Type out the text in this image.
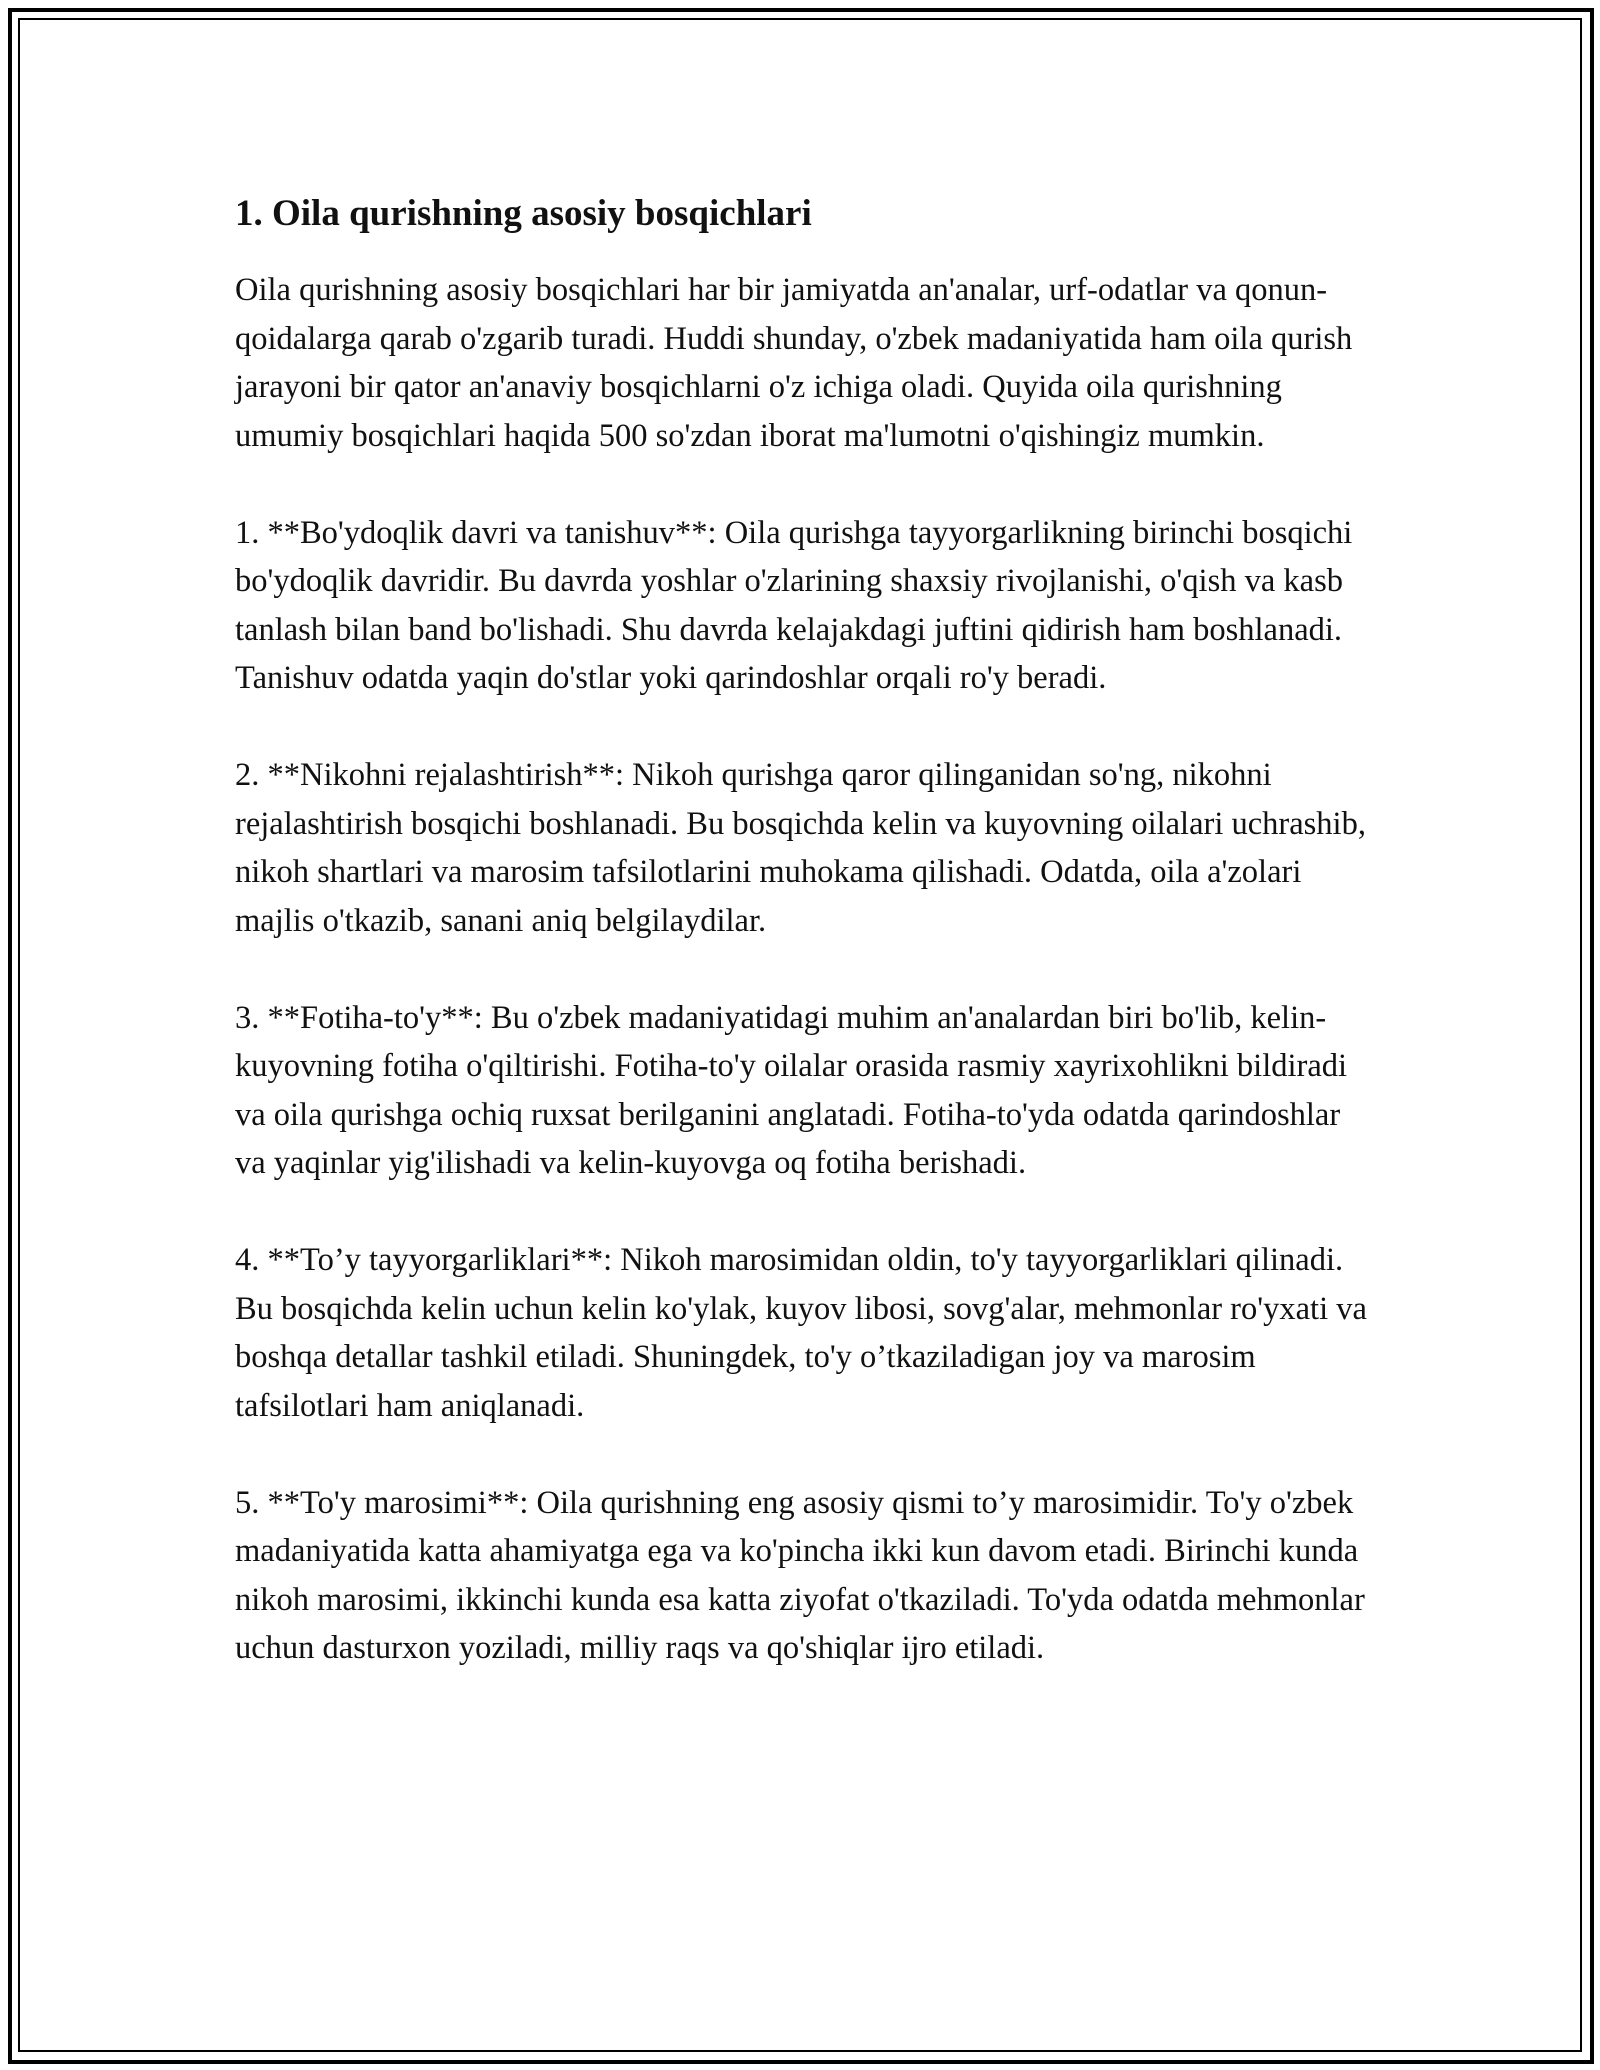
1. Oila qurishning asosiy bosqichlari

Oila qurishning asosiy bosqichlari har bir jamiyatda an'analar, urf-odatlar va qonun-qoidalarga qarab o'zgarib turadi. Huddi shunday, o'zbek madaniyatida ham oila qurish jarayoni bir qator an'anaviy bosqichlarni o'z ichiga oladi. Quyida oila qurishning umumiy bosqichlari haqida 500 so'zdan iborat ma'lumotni o'qishingiz mumkin.

1. **Bo'ydoqlik davri va tanishuv**: Oila qurishga tayyorgarlikning birinchi bosqichi bo'ydoqlik davridir. Bu davrda yoshlar o'zlarining shaxsiy rivojlanishi, o'qish va kasb tanlash bilan band bo'lishadi. Shu davrda kelajakdagi juftini qidirish ham boshlanadi. Tanishuv odatda yaqin do'stlar yoki qarindoshlar orqali ro'y beradi.

2. **Nikohni rejalashtirish**: Nikoh qurishga qaror qilinganidan so'ng, nikohni rejalashtirish bosqichi boshlanadi. Bu bosqichda kelin va kuyovning oilalari uchrashib, nikoh shartlari va marosim tafsilotlarini muhokama qilishadi. Odatda, oila a'zolari majlis o'tkazib, sanani aniq belgilaydilar.

3. **Fotiha-to'y**: Bu o'zbek madaniyatidagi muhim an'analardan biri bo'lib, kelin-kuyovning fotiha o'qiltirishi. Fotiha-to'y oilalar orasida rasmiy xayrixohlikni bildiradi va oila qurishga ochiq ruxsat berilganini anglatadi. Fotiha-to'yda odatda qarindoshlar va yaqinlar yig'ilishadi va kelin-kuyovga oq fotiha berishadi.

4. **To’y tayyorgarliklari**: Nikoh marosimidan oldin, to'y tayyorgarliklari qilinadi. Bu bosqichda kelin uchun kelin ko'ylak, kuyov libosi, sovg'alar, mehmonlar ro'yxati va boshqa detallar tashkil etiladi. Shuningdek, to'y o’tkaziladigan joy va marosim tafsilotlari ham aniqlanadi.

5. **To'y marosimi**: Oila qurishning eng asosiy qismi to’y marosimidir. To'y o'zbek madaniyatida katta ahamiyatga ega va ko'pincha ikki kun davom etadi. Birinchi kunda nikoh marosimi, ikkinchi kunda esa katta ziyofat o'tkaziladi. To'yda odatda mehmonlar uchun dasturxon yoziladi, milliy raqs va qo'shiqlar ijro etiladi.
